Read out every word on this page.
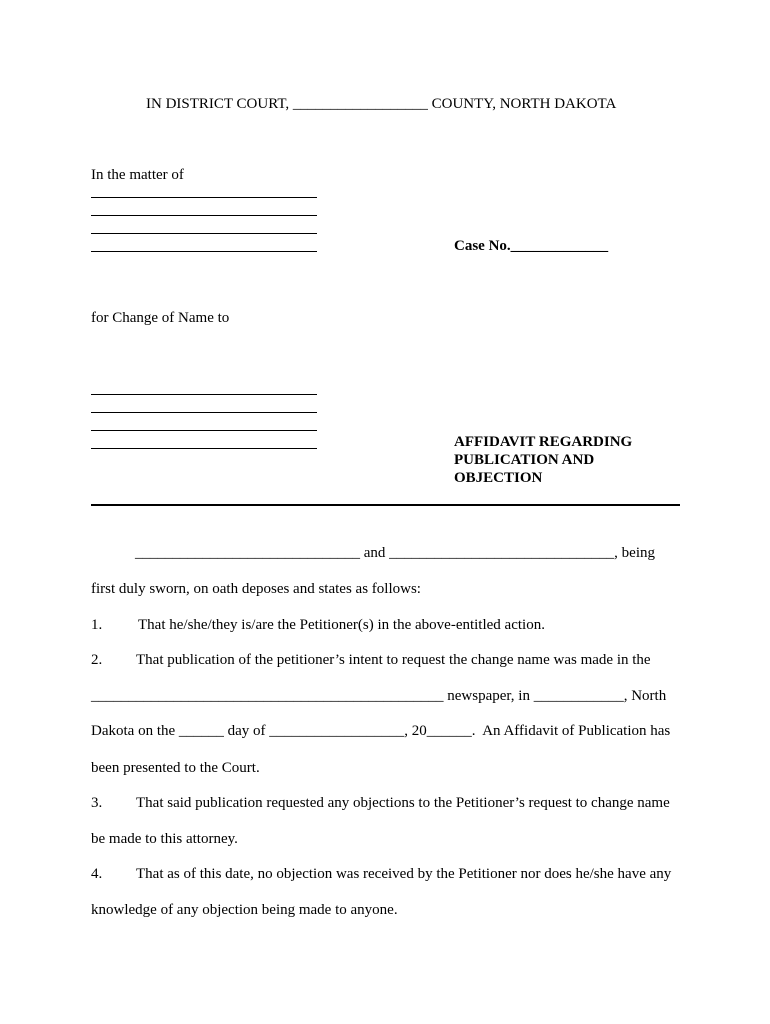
IN DISTRICT COURT, __________________ COUNTY, NORTH DAKOTA
In the matter of
Case No._____________
for Change of Name to
AFFIDAVIT REGARDING
PUBLICATION AND
OBJECTION
______________________________ and ______________________________, being
first duly sworn, on oath deposes and states as follows:
1. That he/she/they is/are the Petitioner(s) in the above-entitled action.
2. That publication of the petitioner’s intent to request the change name was made in the
_______________________________________________ newspaper, in ____________, North
Dakota on the ______ day of __________________, 20______.  An Affidavit of Publication has
been presented to the Court.
3. That said publication requested any objections to the Petitioner’s request to change name
be made to this attorney.
4. That as of this date, no objection was received by the Petitioner nor does he/she have any
knowledge of any objection being made to anyone.
